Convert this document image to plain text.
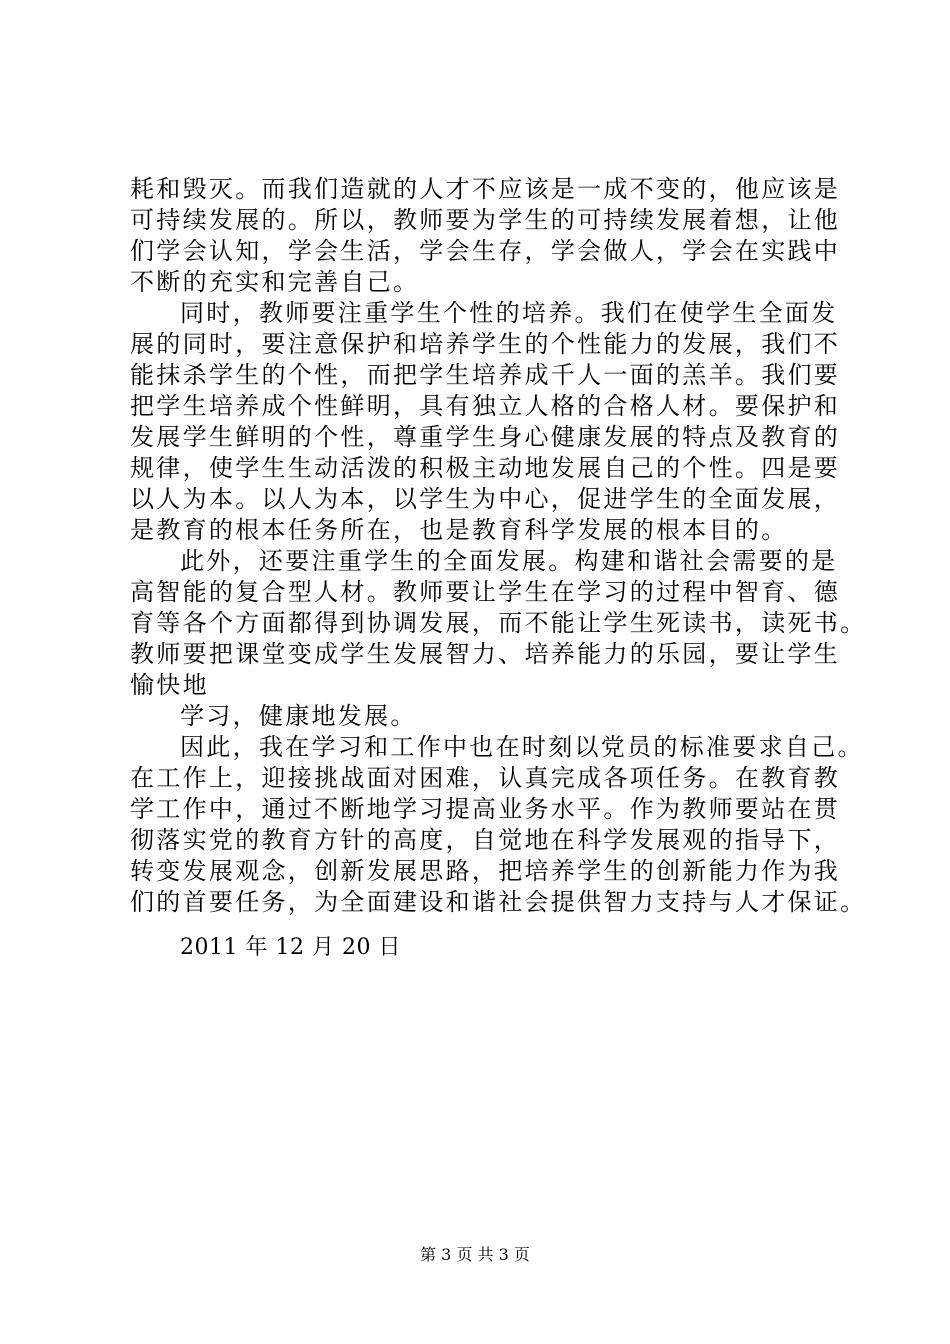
耗和毁灭。而我们造就的人才不应该是一成不变的，他应该是
可持续发展的。所以，教师要为学生的可持续发展着想，让他
们学会认知，学会生活，学会生存，学会做人，学会在实践中
不断的充实和完善自己。
同时，教师要注重学生个性的培养。我们在使学生全面发
展的同时，要注意保护和培养学生的个性能力的发展，我们不
能抹杀学生的个性，而把学生培养成千人一面的羔羊。我们要
把学生培养成个性鲜明，具有独立人格的合格人材。要保护和
发展学生鲜明的个性，尊重学生身心健康发展的特点及教育的
规律，使学生生动活泼的积极主动地发展自己的个性。四是要
以人为本。以人为本，以学生为中心，促进学生的全面发展，
是教育的根本任务所在，也是教育科学发展的根本目的。
此外，还要注重学生的全面发展。构建和谐社会需要的是
高智能的复合型人材。教师要让学生在学习的过程中智育、德
育等各个方面都得到协调发展，而不能让学生死读书，读死书。
教师要把课堂变成学生发展智力、培养能力的乐园，要让学生
愉快地
学习，健康地发展。
因此，我在学习和工作中也在时刻以党员的标准要求自己。
在工作上，迎接挑战面对困难，认真完成各项任务。在教育教
学工作中，通过不断地学习提高业务水平。作为教师要站在贯
彻落实党的教育方针的高度，自觉地在科学发展观的指导下，
转变发展观念，创新发展思路，把培养学生的创新能力作为我
们的首要任务，为全面建设和谐社会提供智力支持与人才保证。
2011 年 12 月 20 日
第 3 页 共 3 页
